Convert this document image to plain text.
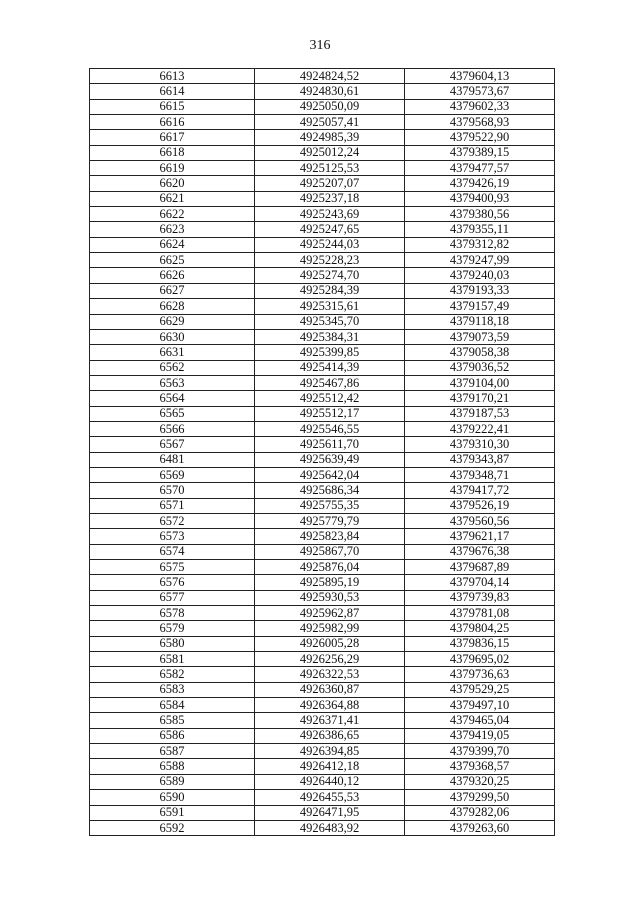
316
6613	4924824,52	4379604,13
6614	4924830,61	4379573,67
6615	4925050,09	4379602,33
6616	4925057,41	4379568,93
6617	4924985,39	4379522,90
6618	4925012,24	4379389,15
6619	4925125,53	4379477,57
6620	4925207,07	4379426,19
6621	4925237,18	4379400,93
6622	4925243,69	4379380,56
6623	4925247,65	4379355,11
6624	4925244,03	4379312,82
6625	4925228,23	4379247,99
6626	4925274,70	4379240,03
6627	4925284,39	4379193,33
6628	4925315,61	4379157,49
6629	4925345,70	4379118,18
6630	4925384,31	4379073,59
6631	4925399,85	4379058,38
6562	4925414,39	4379036,52
6563	4925467,86	4379104,00
6564	4925512,42	4379170,21
6565	4925512,17	4379187,53
6566	4925546,55	4379222,41
6567	4925611,70	4379310,30
6481	4925639,49	4379343,87
6569	4925642,04	4379348,71
6570	4925686,34	4379417,72
6571	4925755,35	4379526,19
6572	4925779,79	4379560,56
6573	4925823,84	4379621,17
6574	4925867,70	4379676,38
6575	4925876,04	4379687,89
6576	4925895,19	4379704,14
6577	4925930,53	4379739,83
6578	4925962,87	4379781,08
6579	4925982,99	4379804,25
6580	4926005,28	4379836,15
6581	4926256,29	4379695,02
6582	4926322,53	4379736,63
6583	4926360,87	4379529,25
6584	4926364,88	4379497,10
6585	4926371,41	4379465,04
6586	4926386,65	4379419,05
6587	4926394,85	4379399,70
6588	4926412,18	4379368,57
6589	4926440,12	4379320,25
6590	4926455,53	4379299,50
6591	4926471,95	4379282,06
6592	4926483,92	4379263,60
